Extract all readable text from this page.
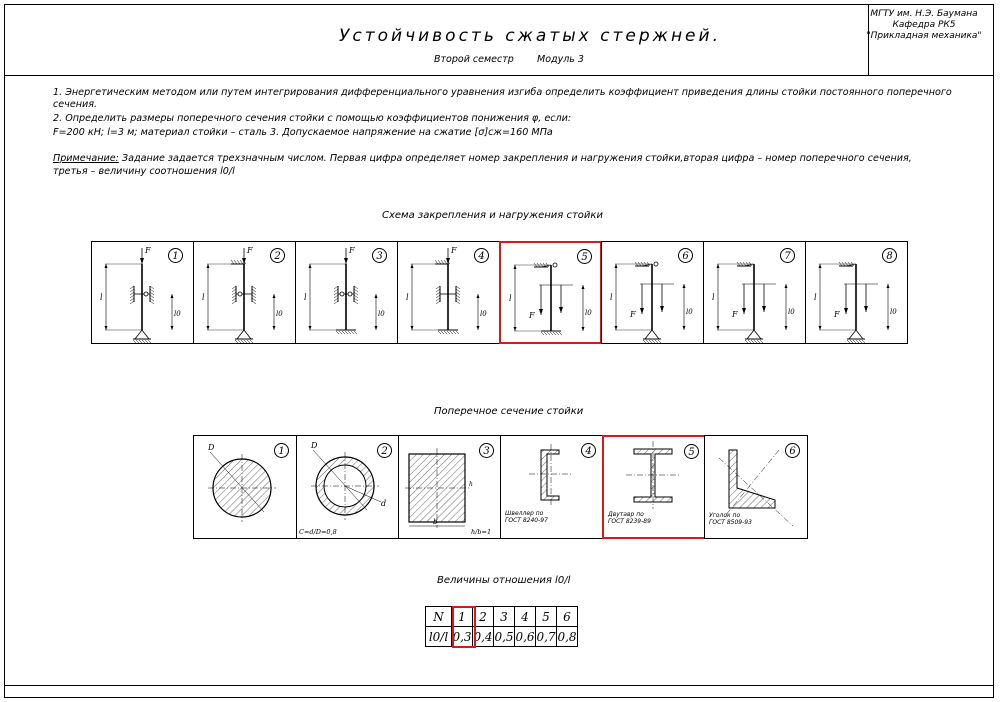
Устойчивость сжатых стержней.
Второй семестр Модуль 3
МГТУ им. Н.Э. Баумана
Кафедра РК5
"Прикладная механика"
1. Энергетическим методом или путем интегрирования дифференциального уравнения изгиба определить коэффициент приведения длины стойки постоянного поперечного
сечения.
2. Определить размеры поперечного сечения стойки с помощью коэффициентов понижения φ, если:
F=200 кН; l=3 м; материал стойки – сталь 3. Допускаемое напряжение на сжатие [σ]сж=160 МПа
Примечание: Задание задается трехзначным числом. Первая цифра определяет номер закрепления и нагружения стойки,вторая цифра – номер поперечного сечения,
третья – величину соотношения l0/l
Схема закрепления и нагружения стойки
1
l
F
l0
2
l
F
l0
3
l
F
l0
4
l
F
l0
5
l
F	l0
6
l
F	l0
7
l
F	l0
8
l
F	l0
Поперечное сечение стойки
1
D	2
D
d
C=d/D=0,8
3
b
h
h/b=1
4
Швеллер по
ГОСТ 8240-97
5
Двутавр по
ГОСТ 8239-89
6
Уголок по
ГОСТ 8509-93
Величины отношения l0/l
N	1	2	3	4	5	6
l0/l	0,3	0,4	0,5	0,6	0,7	0,8
